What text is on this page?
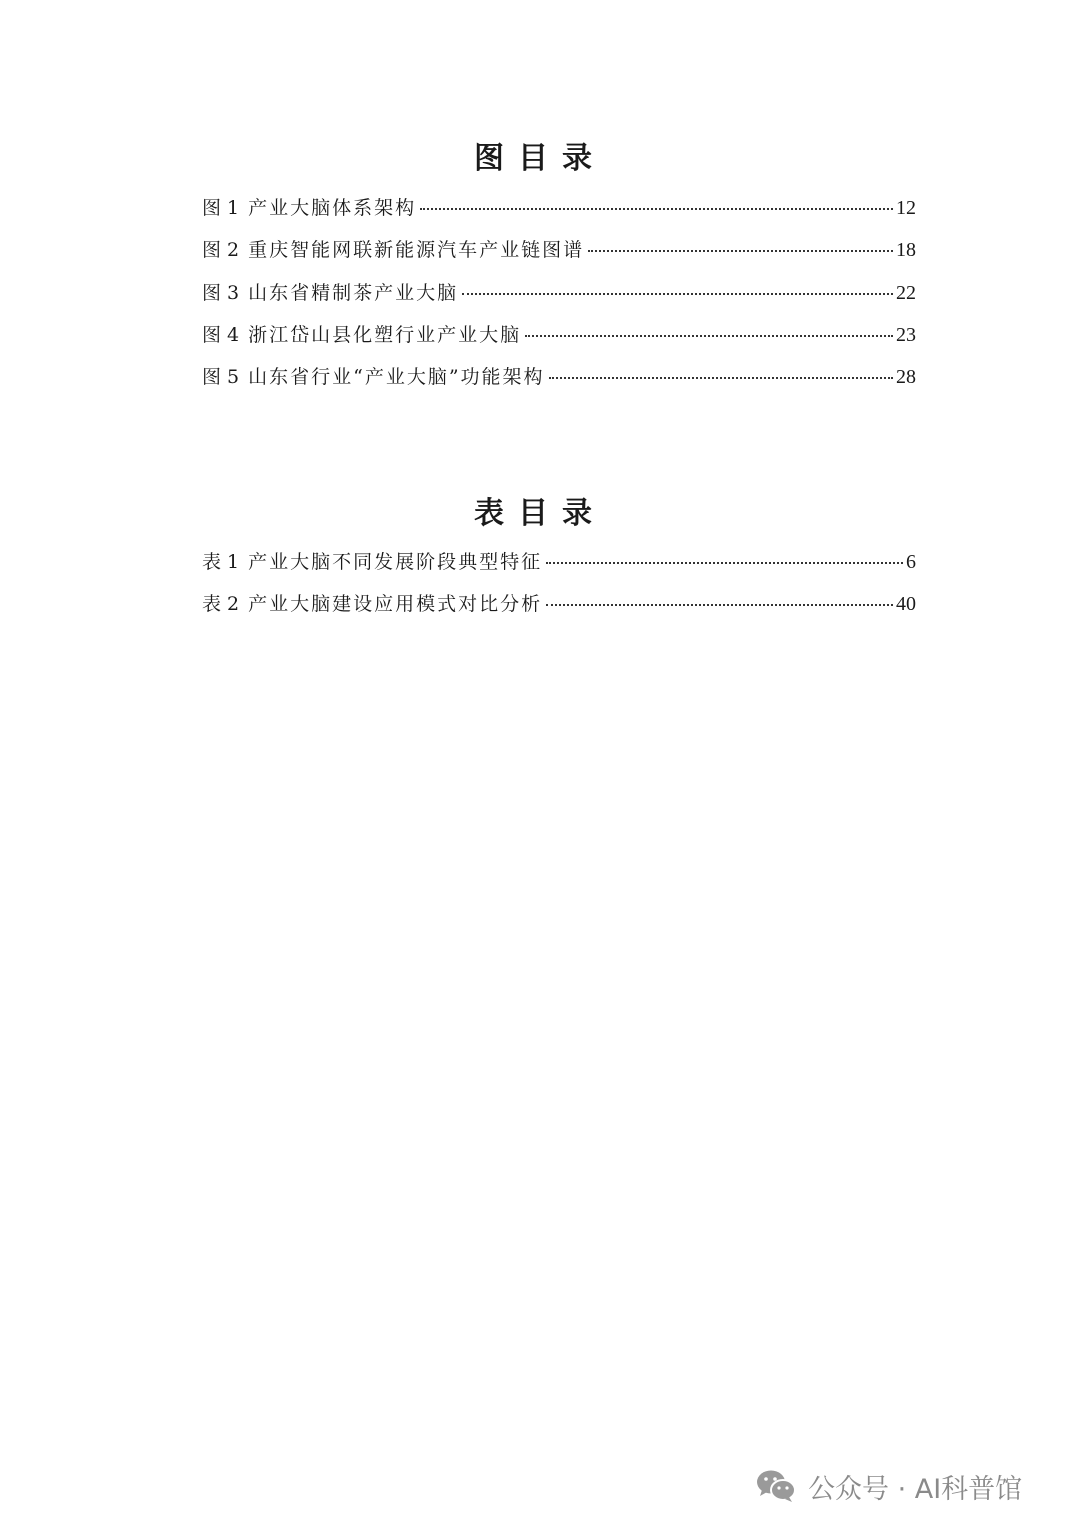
图目录
图 1 产业大脑体系架构	12
图 2 重庆智能网联新能源汽车产业链图谱	18
图 3 山东省精制茶产业大脑	22
图 4 浙江岱山县化塑行业产业大脑	23
图 5 山东省行业“产业大脑”功能架构	28
表目录
表 1 产业大脑不同发展阶段典型特征	6
表 2 产业大脑建设应用模式对比分析	40
公众号 · AI科普馆
